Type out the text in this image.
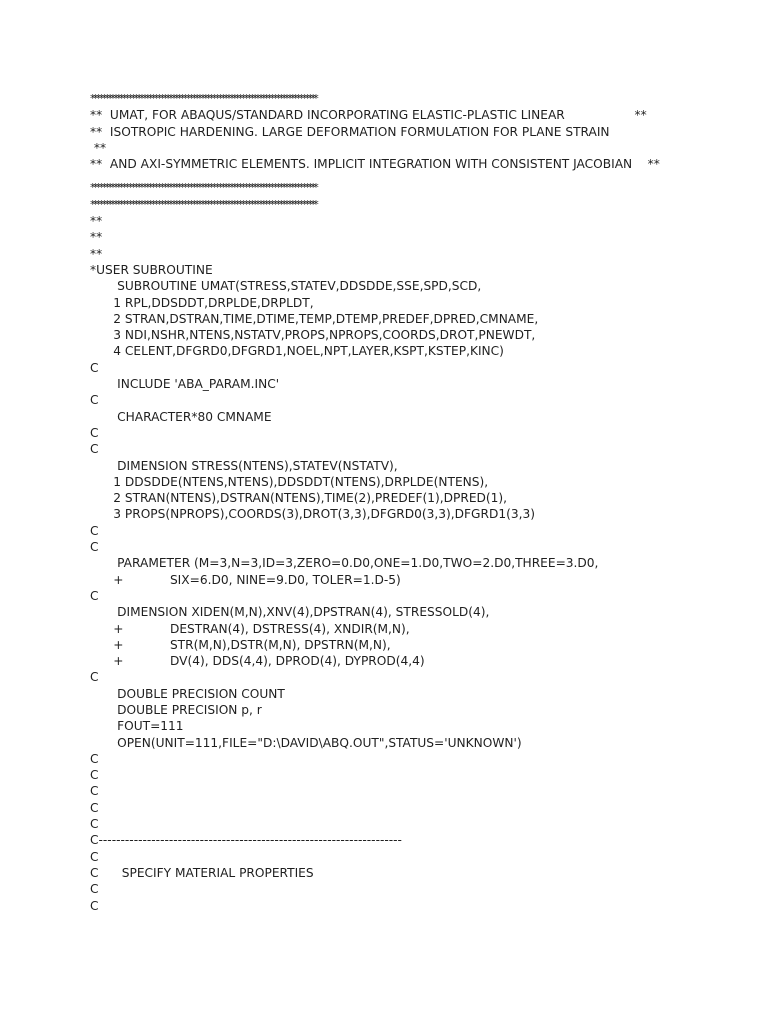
******************************************************************************
**  UMAT, FOR ABAQUS/STANDARD INCORPORATING ELASTIC-PLASTIC LINEAR                  **
**  ISOTROPIC HARDENING. LARGE DEFORMATION FORMULATION FOR PLANE STRAIN
**
**  AND AXI-SYMMETRIC ELEMENTS. IMPLICIT INTEGRATION WITH CONSISTENT JACOBIAN    **
******************************************************************************
******************************************************************************
**
**
**
*USER SUBROUTINE
SUBROUTINE UMAT(STRESS,STATEV,DDSDDE,SSE,SPD,SCD,
1 RPL,DDSDDT,DRPLDE,DRPLDT,
2 STRAN,DSTRAN,TIME,DTIME,TEMP,DTEMP,PREDEF,DPRED,CMNAME,
3 NDI,NSHR,NTENS,NSTATV,PROPS,NPROPS,COORDS,DROT,PNEWDT,
4 CELENT,DFGRD0,DFGRD1,NOEL,NPT,LAYER,KSPT,KSTEP,KINC)
C
INCLUDE 'ABA_PARAM.INC'
C
CHARACTER*80 CMNAME
C
C
DIMENSION STRESS(NTENS),STATEV(NSTATV),
1 DDSDDE(NTENS,NTENS),DDSDDT(NTENS),DRPLDE(NTENS),
2 STRAN(NTENS),DSTRAN(NTENS),TIME(2),PREDEF(1),DPRED(1),
3 PROPS(NPROPS),COORDS(3),DROT(3,3),DFGRD0(3,3),DFGRD1(3,3)
C
C
PARAMETER (M=3,N=3,ID=3,ZERO=0.D0,ONE=1.D0,TWO=2.D0,THREE=3.D0,
+            SIX=6.D0, NINE=9.D0, TOLER=1.D-5)
C
DIMENSION XIDEN(M,N),XNV(4),DPSTRAN(4), STRESSOLD(4),
+            DESTRAN(4), DSTRESS(4), XNDIR(M,N),
+            STR(M,N),DSTR(M,N), DPSTRN(M,N),
+            DV(4), DDS(4,4), DPROD(4), DYPROD(4,4)
C
DOUBLE PRECISION COUNT
DOUBLE PRECISION p, r
FOUT=111
OPEN(UNIT=111,FILE="D:\DAVID\ABQ.OUT",STATUS='UNKNOWN')
C
C
C
C
C
C---------------------------------------------------------------------
C
C      SPECIFY MATERIAL PROPERTIES
C
C
